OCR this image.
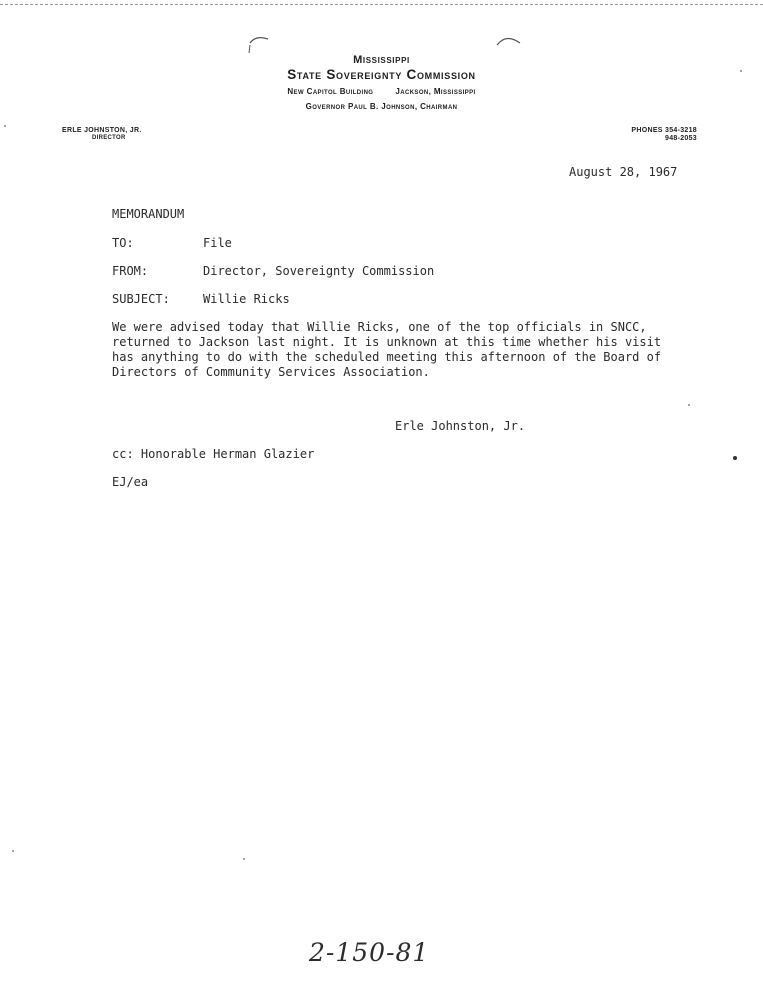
Mississippi
State Sovereignty Commission
New Capitol Building	Jackson, Mississippi
Governor Paul B. Johnson, Chairman
ERLE JOHNSTON, JR.
DIRECTOR
PHONES 354-3218
948-2053
August 28, 1967
MEMORANDUM
TO:	File
FROM:	Director, Sovereignty Commission
SUBJECT:	Willie Ricks
We were advised today that Willie Ricks, one of the top officials in SNCC,
returned to Jackson last night. It is unknown at this time whether his visit
has anything to do with the scheduled meeting this afternoon of the Board of
Directors of Community Services Association.
Erle Johnston, Jr.
cc: Honorable Herman Glazier
EJ/ea
2-150-81
